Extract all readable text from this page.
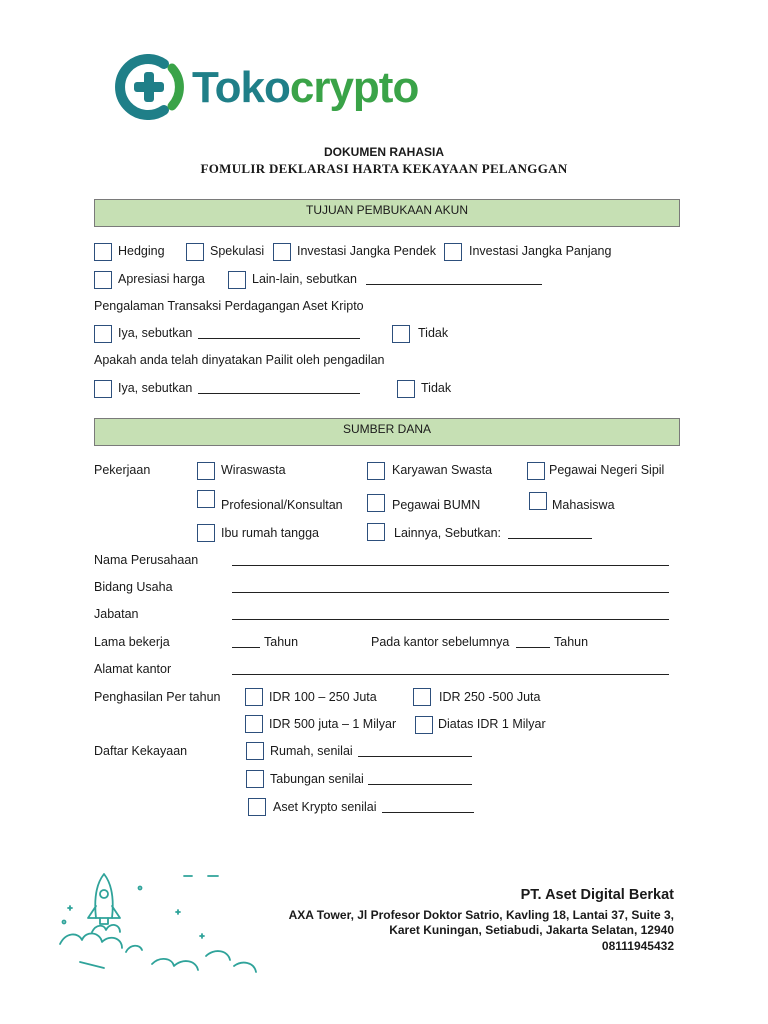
Tokocrypto
DOKUMEN RAHASIA
FOMULIR DEKLARASI HARTA KEKAYAAN PELANGGAN
TUJUAN PEMBUKAAN AKUN
Hedging	Spekulasi	Investasi Jangka Pendek	Investasi Jangka Panjang
Apresiasi harga	Lain-lain, sebutkan
Pengalaman Transaksi Perdagangan Aset Kripto
Iya, sebutkan	Tidak
Apakah anda telah dinyatakan Pailit oleh pengadilan
Iya, sebutkan	Tidak
SUMBER DANA
Pekerjaan	Wiraswasta	Karyawan Swasta	Pegawai Negeri Sipil
Profesional/Konsultan	Pegawai BUMN	Mahasiswa
Ibu rumah tangga	Lainnya, Sebutkan:
Nama Perusahaan
Bidang Usaha
Jabatan
Lama bekerja	Tahun	Pada kantor sebelumnya	Tahun
Alamat kantor
Penghasilan Per tahun	IDR 100 – 250 Juta	IDR 250 -500 Juta
IDR 500 juta – 1 Milyar	Diatas IDR 1 Milyar
Daftar Kekayaan	Rumah, senilai
Tabungan senilai
Aset Krypto senilai
PT. Aset Digital Berkat
AXA Tower, Jl Profesor Doktor Satrio, Kavling 18, Lantai 37, Suite 3,
Karet Kuningan, Setiabudi, Jakarta Selatan, 12940
08111945432
